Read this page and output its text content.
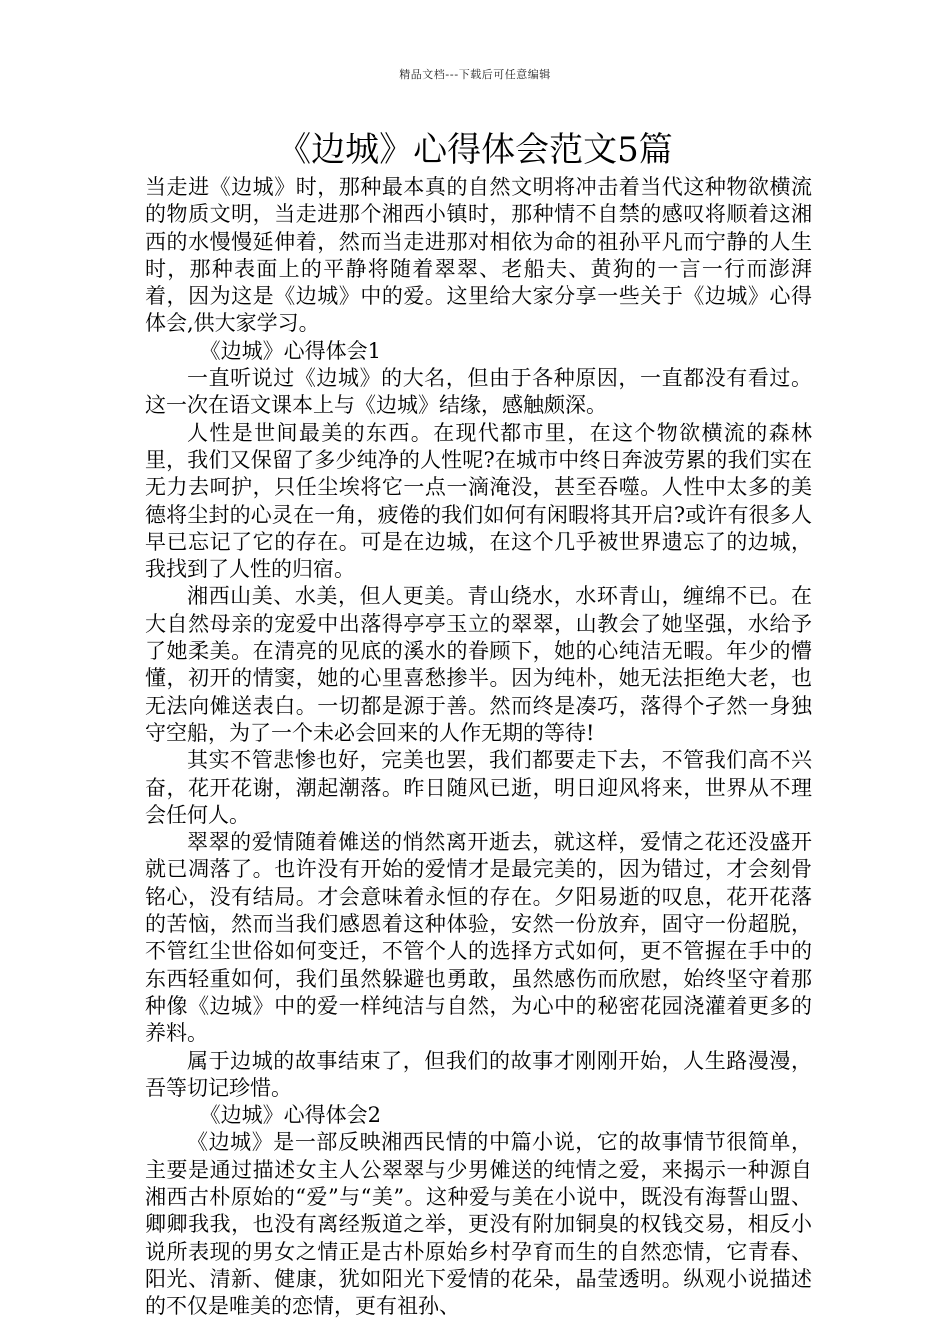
精品文档---下载后可任意编辑
《边城》心得体会范文5篇

当走进《边城》时，那种最本真的自然文明将冲击着当代这种物欲横流的物质文明，当走进那个湘西小镇时，那种情不自禁的感叹将顺着这湘西的水慢慢延伸着，然而当走进那对相依为命的祖孙平凡而宁静的人生时，那种表面上的平静将随着翠翠、老船夫、黄狗的一言一行而澎湃着，因为这是《边城》中的爱。这里给大家分享一些关于《边城》心得体会,供大家学习。

《边城》心得体会1

一直听说过《边城》的大名，但由于各种原因，一直都没有看过。这一次在语文课本上与《边城》结缘，感触颇深。

人性是世间最美的东西。在现代都市里，在这个物欲横流的森林里，我们又保留了多少纯净的人性呢?在城市中终日奔波劳累的我们实在无力去呵护，只任尘埃将它一点一滴淹没，甚至吞噬。人性中太多的美德将尘封的心灵在一角，疲倦的我们如何有闲暇将其开启?或许有很多人早已忘记了它的存在。可是在边城，在这个几乎被世界遗忘了的边城，我找到了人性的归宿。

湘西山美、水美，但人更美。青山绕水，水环青山，缠绵不已。在大自然母亲的宠爱中出落得亭亭玉立的翠翠，山教会了她坚强，水给予了她柔美。在清亮的见底的溪水的眷顾下，她的心纯洁无暇。年少的懵懂，初开的情窦，她的心里喜愁掺半。因为纯朴，她无法拒绝大老，也无法向傩送表白。一切都是源于善。然而终是凑巧，落得个孑然一身独守空船，为了一个未必会回来的人作无期的等待!

其实不管悲惨也好，完美也罢，我们都要走下去，不管我们高不兴奋，花开花谢，潮起潮落。昨日随风已逝，明日迎风将来，世界从不理会任何人。

翠翠的爱情随着傩送的悄然离开逝去，就这样，爱情之花还没盛开就已凋落了。也许没有开始的爱情才是最完美的，因为错过，才会刻骨铭心，没有结局。才会意味着永恒的存在。夕阳易逝的叹息，花开花落的苦恼，然而当我们感恩着这种体验，安然一份放弃，固守一份超脱，不管红尘世俗如何变迁，不管个人的选择方式如何，更不管握在手中的东西轻重如何，我们虽然躲避也勇敢，虽然感伤而欣慰，始终坚守着那种像《边城》中的爱一样纯洁与自然，为心中的秘密花园浇灌着更多的养料。

属于边城的故事结束了，但我们的故事才刚刚开始，人生路漫漫，吾等切记珍惜。

《边城》心得体会2

《边城》是一部反映湘西民情的中篇小说，它的故事情节很简单，主要是通过描述女主人公翠翠与少男傩送的纯情之爱，来揭示一种源自湘西古朴原始的“爱”与“美”。这种爱与美在小说中，既没有海誓山盟、卿卿我我，也没有离经叛道之举，更没有附加铜臭的权钱交易，相反小说所表现的男女之情正是古朴原始乡村孕育而生的自然恋情，它青春、阳光、清新、健康，犹如阳光下爱情的花朵，晶莹透明。纵观小说描述的不仅是唯美的恋情，更有祖孙、
